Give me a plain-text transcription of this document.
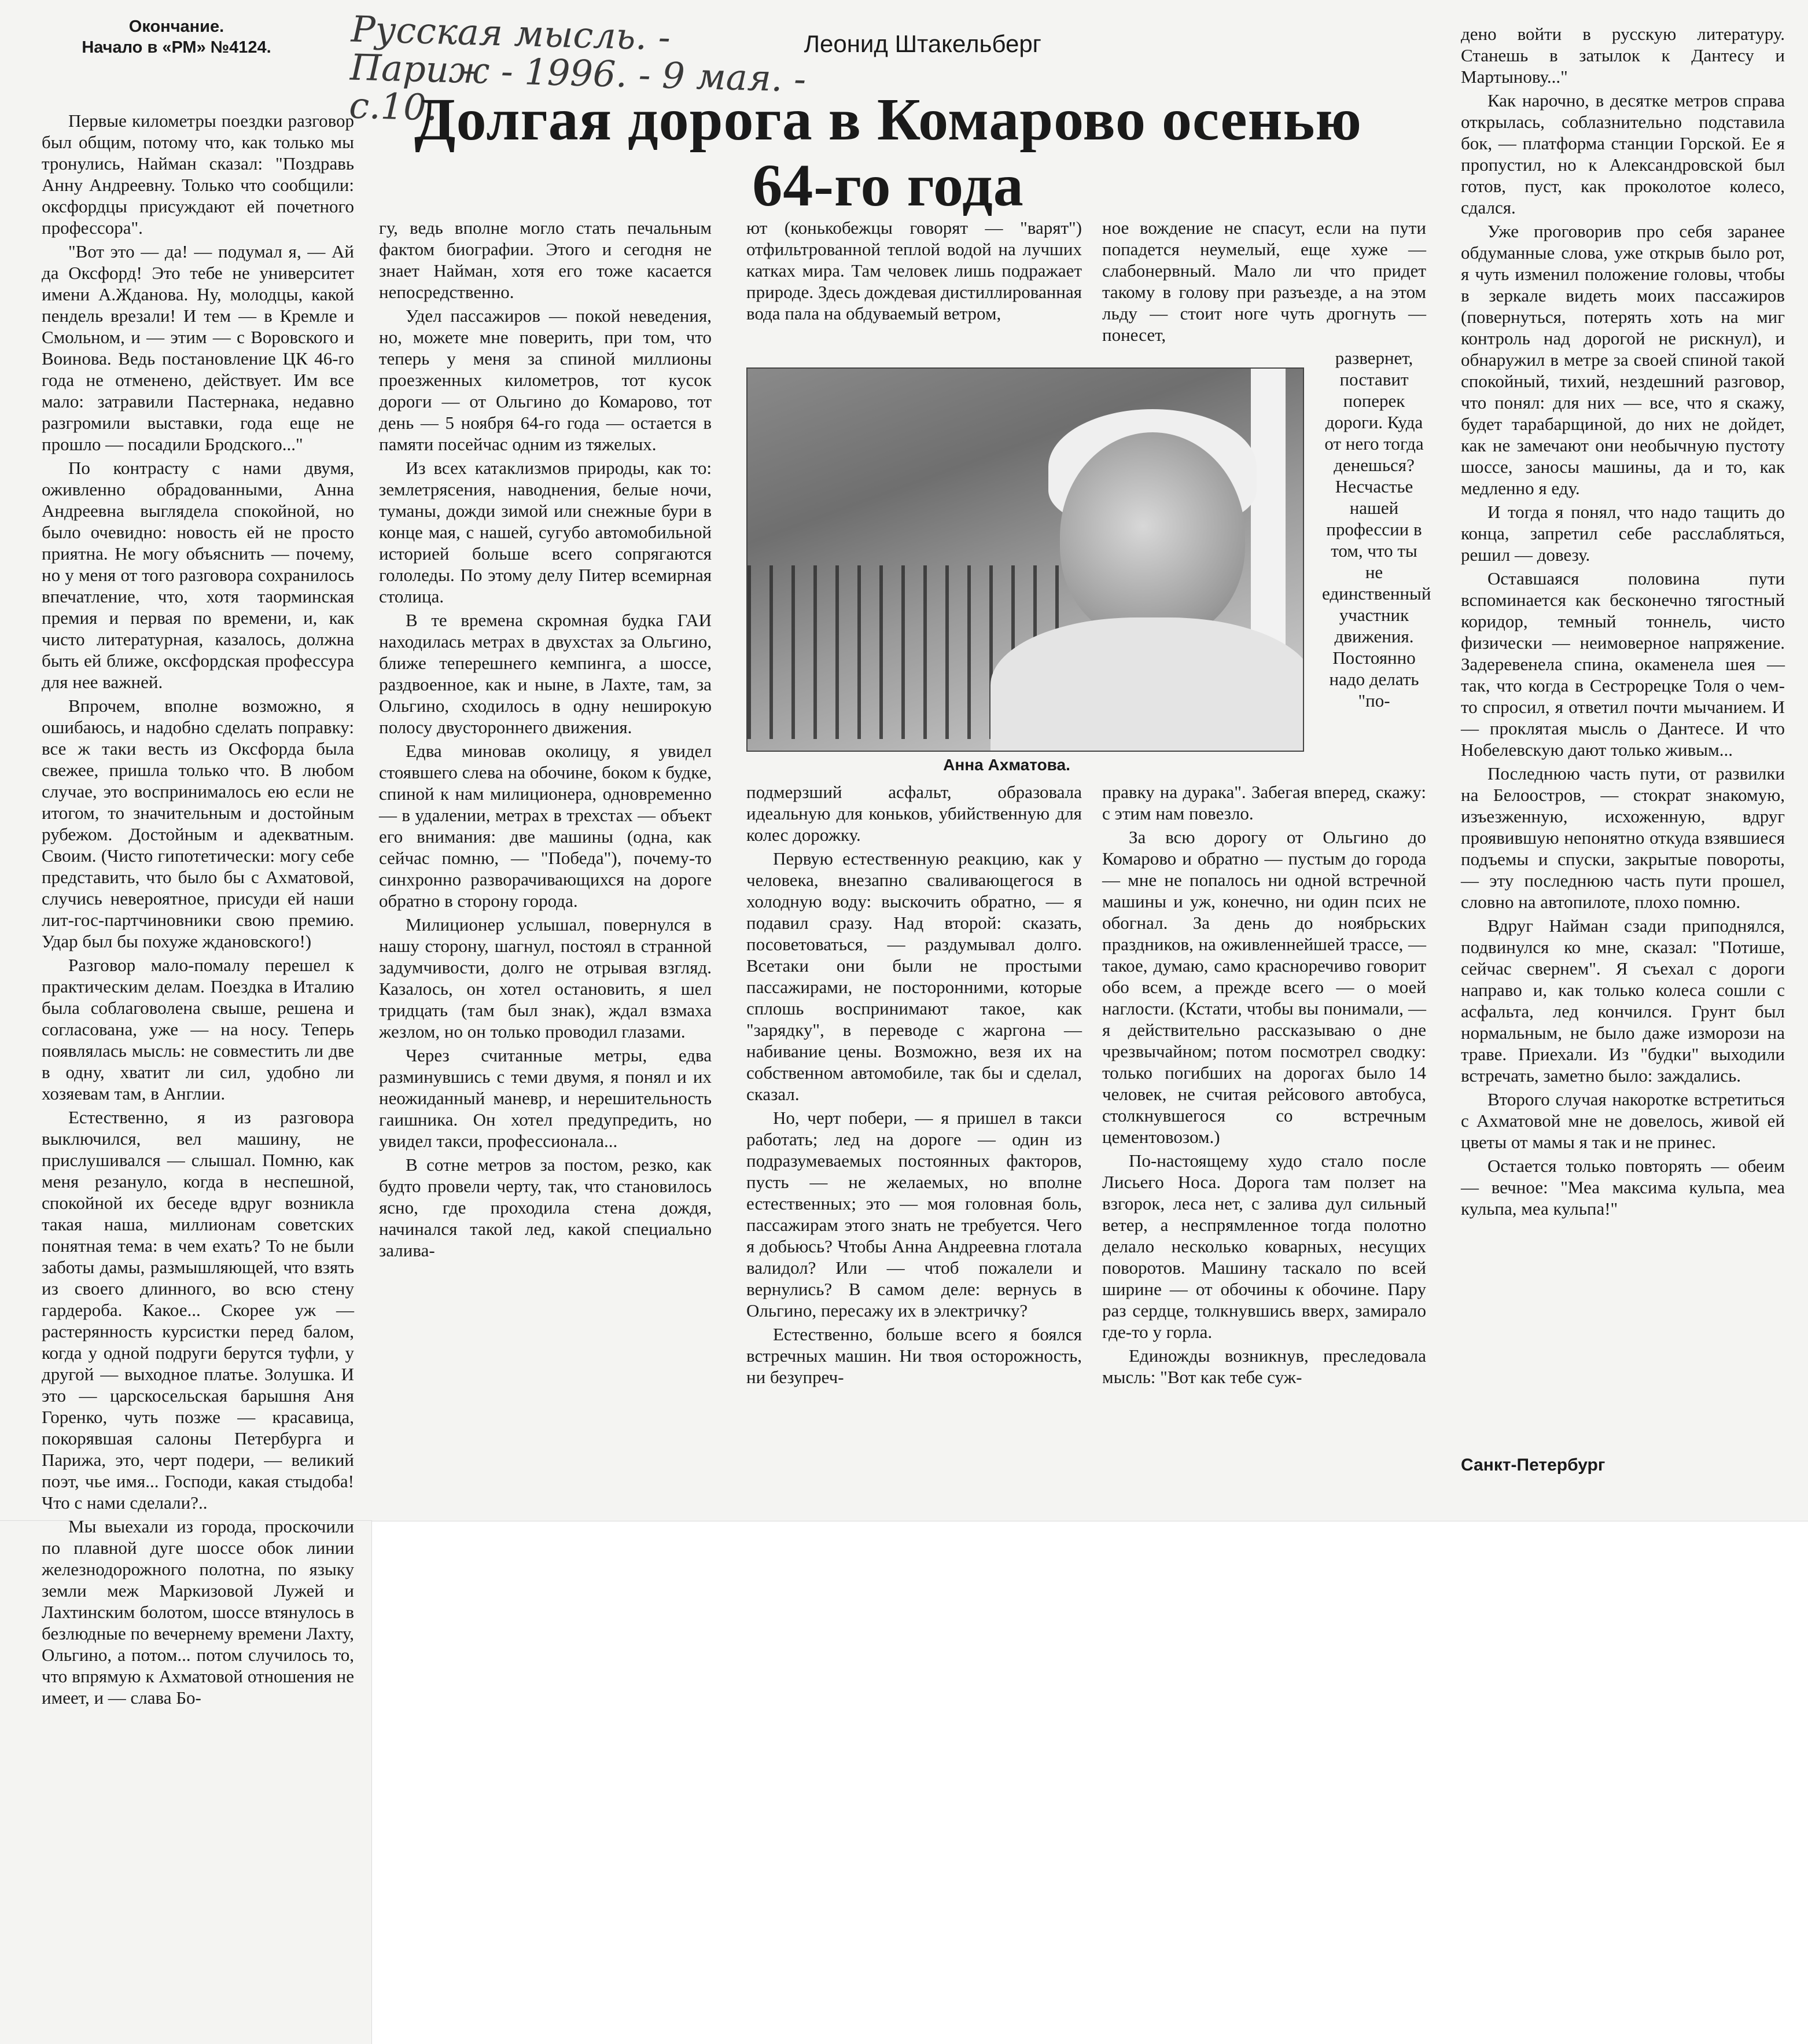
Окончание.
Начало в «РМ» №4124.	Русская мысль. - Париж - 1996. - 9 мая. - с.10.
Леонид Штакельберг
Долгая дорога в Комарово осенью 64-го года

Первые километры поездки разговор был общим, потому что, как только мы тронулись, Найман сказал: "Поздравь Анну Андреевну. Только что сообщили: оксфордцы присуждают ей почетного профессора".

"Вот это — да! — подумал я, — Ай да Оксфорд! Это тебе не университет имени А.Жданова. Ну, молодцы, какой пендель врезали! И тем — в Кремле и Смольном, и — этим — с Воровского и Воинова. Ведь постановление ЦК 46-го года не отменено, действует. Им все мало: затравили Пастернака, недавно разгромили выставки, года еще не прошло — посадили Бродского..."

По контрасту с нами двумя, оживленно обрадованными, Анна Андреевна выглядела спокойной, но было очевидно: новость ей не просто приятна. Не могу объяснить — почему, но у меня от того разговора сохранилось впечатление, что, хотя таорминская премия и первая по времени, и, как чисто литературная, казалось, должна быть ей ближе, оксфордская профессура для нее важней.

Впрочем, вполне возможно, я ошибаюсь, и надобно сделать поправку: все ж таки весть из Оксфорда была свежее, пришла только что. В любом случае, это воспринималось ею если не итогом, то значительным и достойным рубежом. Достойным и адекватным. Своим. (Чисто гипотетически: могу себе представить, что было бы с Ахматовой, случись невероятное, присуди ей наши лит-гос-партчиновники свою премию. Удар был бы похуже ждановского!)

Разговор мало-помалу перешел к практическим делам. Поездка в Италию была соблаговолена свыше, решена и согласована, уже — на носу. Теперь появлялась мысль: не совместить ли две в одну, хватит ли сил, удобно ли хозяевам там, в Англии.

Естественно, я из разговора выключился, вел машину, не прислушивался — слышал. Помню, как меня резануло, когда в неспешной, спокойной их беседе вдруг возникла такая наша, миллионам советских понятная тема: в чем ехать? То не были заботы дамы, размышляющей, что взять из своего длинного, во всю стену гардероба. Какое... Скорее уж — растерянность курсистки перед балом, когда у одной подруги берутся туфли, у другой — выходное платье. Золушка. И это — царскосельская барышня Аня Горенко, чуть позже — красавица, покорявшая салоны Петербурга и Парижа, это, черт подери, — великий поэт, чье имя... Господи, какая стыдоба! Что с нами сделали?..

Мы выехали из города, проскочили по плавной дуге шоссе обок линии железнодорожного полотна, по языку земли меж Маркизовой Лужей и Лахтинским болотом, шоссе втянулось в безлюдные по вечернему времени Лахту, Ольгино, а потом... потом случилось то, что впрямую к Ахматовой отношения не имеет, и — слава Бо-

гу, ведь вполне могло стать печальным фактом биографии. Этого и сегодня не знает Найман, хотя его тоже касается непосредственно.

Удел пассажиров — покой неведения, но, можете мне поверить, при том, что теперь у меня за спиной миллионы проезженных километров, тот кусок дороги — от Ольгино до Комарово, тот день — 5 ноября 64-го года — остается в памяти посейчас одним из тяжелых.

Из всех катаклизмов природы, как то: землетрясения, наводнения, белые ночи, туманы, дожди зимой или снежные бури в конце мая, с нашей, сугубо автомобильной историей больше всего сопрягаются гололеды. По этому делу Питер всемирная столица.

В те времена скромная будка ГАИ находилась метрах в двухстах за Ольгино, ближе теперешнего кемпинга, а шоссе, раздвоенное, как и ныне, в Лахте, там, за Ольгино, сходилось в одну неширокую полосу двустороннего движения.

Едва миновав околицу, я увидел стоявшего слева на обочине, боком к будке, спиной к нам милиционера, одновременно — в удалении, метрах в трехстах — объект его внимания: две машины (одна, как сейчас помню, — "Победа"), почему-то синхронно разворачивающихся на дороге обратно в сторону города.

Милиционер услышал, повернулся в нашу сторону, шагнул, постоял в странной задумчивости, долго не отрывая взгляд. Казалось, он хотел остановить, я шел тридцать (там был знак), ждал взмаха жезлом, но он только проводил глазами.

Через считанные метры, едва разминувшись с теми двумя, я понял и их неожиданный маневр, и нерешительность гаишника. Он хотел предупредить, но увидел такси, профессионала...

В сотне метров за постом, резко, как будто провели черту, так, что становилось ясно, где проходила стена дождя, начинался такой лед, какой специально залива-

ют (конькобежцы говорят — "варят") отфильтрованной теплой водой на лучших катках мира. Там человек лишь подражает природе. Здесь дождевая дистиллированная вода пала на обдуваемый ветром,

подмерзший асфальт, образовала идеальную для коньков, убийственную для колес дорожку.

Первую естественную реакцию, как у человека, внезапно сваливающегося в холодную воду: выскочить обратно, — я подавил сразу. Над второй: сказать, посоветоваться, — раздумывал долго. Всетаки они были не простыми пассажирами, не посторонними, которые сплошь воспринимают такое, как "зарядку", в переводе с жаргона — набивание цены. Возможно, везя их на собственном автомобиле, так бы и сделал, сказал.

Но, черт побери, — я пришел в такси работать; лед на дороге — один из подразумеваемых постоянных факторов, пусть — не желаемых, но вполне естественных; это — моя головная боль, пассажирам этого знать не требуется. Чего я добьюсь? Чтобы Анна Андреевна глотала валидол? Или — чтоб пожалели и вернулись? В самом деле: вернусь в Ольгино, пересажу их в электричку?

Естественно, больше всего я боялся встречных машин. Ни твоя осторожность, ни безупреч-

ное вождение не спасут, если на пути попадется неумелый, еще хуже — слабонервный. Мало ли что придет такому в голову при разъезде, а на этом льду — стоит ноге чуть дрогнуть — понесет,

развернет, поставит поперек дороги. Куда от него тогда денешься? Несчастье нашей профессии в том, что ты не единственный участник движения. Постоянно надо делать "по-

правку на дурака". Забегая вперед, скажу: с этим нам повезло.

За всю дорогу от Ольгино до Комарово и обратно — пустым до города — мне не попалось ни одной встречной машины и уж, конечно, ни один псих не обогнал. За день до ноябрьских праздников, на оживленнейшей трассе, — такое, думаю, само красноречиво говорит обо всем, а прежде всего — о моей наглости. (Кстати, чтобы вы понимали, — я действительно рассказываю о дне чрезвычайном; потом посмотрел сводку: только погибших на дорогах было 14 человек, не считая рейсового автобуса, столкнувшегося со встречным цементовозом.)

По-настоящему худо стало после Лисьего Носа. Дорога там ползет на взгорок, леса нет, с залива дул сильный ветер, а неспрямленное тогда полотно делало несколько коварных, несущих поворотов. Машину таскало по всей ширине — от обочины к обочине. Пару раз сердце, толкнувшись вверх, замирало где-то у горла.

Единожды возникнув, преследовала мысль: "Вот как тебе суж-

дено войти в русскую литературу. Станешь в затылок к Дантесу и Мартынову..."

Как нарочно, в десятке метров справа открылась, соблазнительно подставила бок, — платформа станции Горской. Ее я пропустил, но к Александровской был готов, пуст, как проколотое колесо, сдался.

Уже проговорив про себя заранее обдуманные слова, уже открыв было рот, я чуть изменил положение головы, чтобы в зеркале видеть моих пассажиров (повернуться, потерять хоть на миг контроль над дорогой не рискнул), и обнаружил в метре за своей спиной такой спокойный, тихий, нездешний разговор, что понял: для них — все, что я скажу, будет тарабарщиной, до них не дойдет, как не замечают они необычную пустоту шоссе, заносы машины, да и то, как медленно я еду.

И тогда я понял, что надо тащить до конца, запретил себе расслабляться, решил — довезу.

Оставшаяся половина пути вспоминается как бесконечно тягостный коридор, темный тоннель, чисто физически — неимоверное напряжение. Задеревенела спина, окаменела шея — так, что когда в Сестрорецке Толя о чем-то спросил, я ответил почти мычанием. И — проклятая мысль о Дантесе. И что Нобелевскую дают только живым...

Последнюю часть пути, от развилки на Белоостров, — стократ знакомую, изъезженную, исхоженную, вдруг проявившую непонятно откуда взявшиеся подъемы и спуски, закрытые повороты, — эту последнюю часть пути прошел, словно на автопилоте, плохо помню.

Вдруг Найман сзади приподнялся, подвинулся ко мне, сказал: "Потише, сейчас свернем". Я съехал с дороги направо и, как только колеса сошли с асфальта, лед кончился. Грунт был нормальным, не было даже изморози на траве. Приехали. Из "будки" выходили встречать, заметно было: заждались.

Второго случая накоротке встретиться с Ахматовой мне не довелось, живой ей цветы от мамы я так и не принес.

Остается только повторять — обеим — вечное: "Меа максима кульпа, меа кульпа, меа кульпа!"

Анна Ахматова.
Санкт-Петербург
